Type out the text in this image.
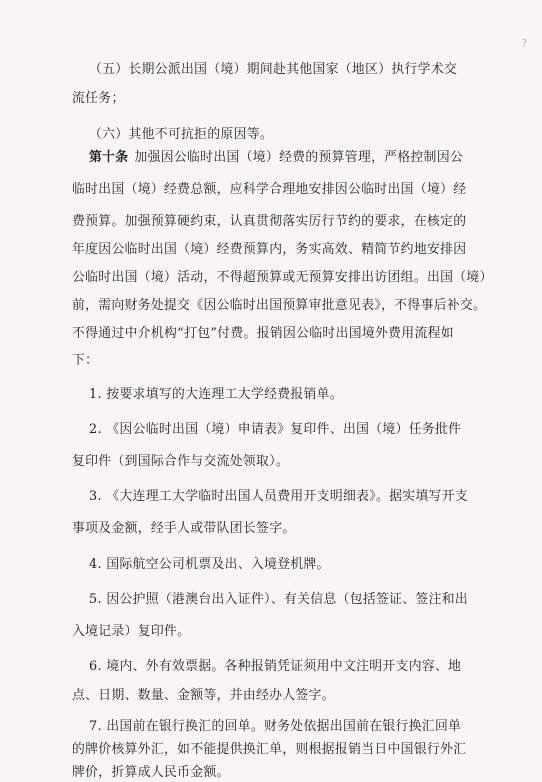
（五）长期公派出国（境）期间赴其他国家（地区）执行学术交
流任务；
（六）其他不可抗拒的原因等。
第十条 加强因公临时出国（境）经费的预算管理，严格控制因公
临时出国（境）经费总额，应科学合理地安排因公临时出国（境）经
费预算。加强预算硬约束，认真贯彻落实厉行节约的要求，在核定的
年度因公临时出国（境）经费预算内，务实高效、精简节约地安排因
公临时出国（境）活动，不得超预算或无预算安排出访团组。出国（境）
前，需向财务处提交《因公临时出国预算审批意见表》，不得事后补交。
不得通过中介机构“打包”付费。报销因公临时出国境外费用流程如
下：
1. 按要求填写的大连理工大学经费报销单。
2. 《因公临时出国（境）申请表》复印件、出国（境）任务批件
复印件（到国际合作与交流处领取）。
3. 《大连理工大学临时出国人员费用开支明细表》。据实填写开支
事项及金额，经手人或带队团长签字。
4. 国际航空公司机票及出、入境登机牌。
5. 因公护照（港澳台出入证件）、有关信息（包括签证、签注和出
入境记录）复印件。
6. 境内、外有效票据。各种报销凭证须用中文注明开支内容、地
点、日期、数量、金额等，并由经办人签字。
7. 出国前在银行换汇的回单。财务处依据出国前在银行换汇回单
的牌价核算外汇，如不能提供换汇单，则根据报销当日中国银行外汇
牌价，折算成人民币金额。
?
